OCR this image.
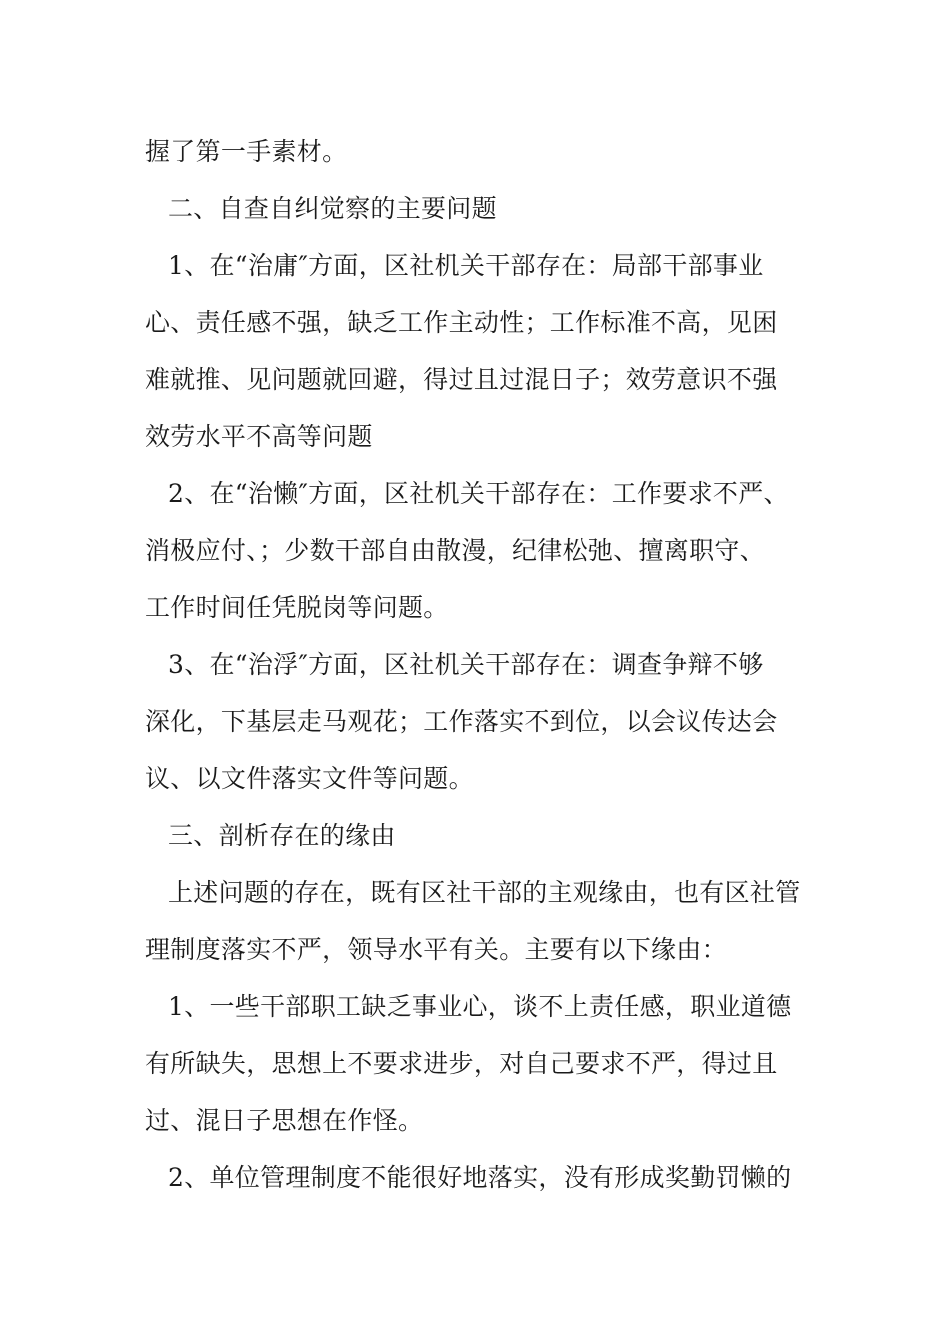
握了第一手素材。
二、自查自纠觉察的主要问题
1、在“治庸″方面，区社机关干部存在：局部干部事业
心、责任感不强，缺乏工作主动性；工作标准不高，见困
难就推、见问题就回避，得过且过混日子；效劳意识不强
效劳水平不高等问题
2、在“治懒″方面，区社机关干部存在：工作要求不严、
消极应付、；少数干部自由散漫，纪律松弛、擅离职守、
工作时间任凭脱岗等问题。
3、在“治浮″方面，区社机关干部存在：调查争辩不够
深化，下基层走马观花；工作落实不到位，以会议传达会
议、以文件落实文件等问题。
三、剖析存在的缘由
上述问题的存在，既有区社干部的主观缘由，也有区社管
理制度落实不严，领导水平有关。主要有以下缘由：
1、一些干部职工缺乏事业心，谈不上责任感，职业道德
有所缺失，思想上不要求进步，对自己要求不严，得过且
过、混日子思想在作怪。
2、单位管理制度不能很好地落实，没有形成奖勤罚懒的
